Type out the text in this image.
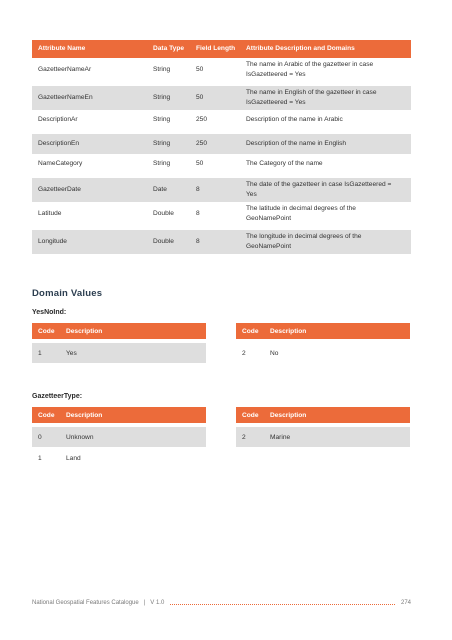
Attribute Name	Data Type	Field Length	Attribute Description and Domains
GazetteerNameAr	String	50	The name in Arabic of the gazetteer in case
IsGazetteered = Yes
GazetteerNameEn	String	50	The name in English of the gazetteer in case
IsGazetteered = Yes
DescriptionAr	String	250	Description of the name in Arabic
DescriptionEn	String	250	Description of the name in English
NameCategory	String	50	The Category of the name
GazetteerDate	Date	8	The date of the gazetteer in case IsGazetteered =
Yes
Latitude	Double	8	The latitude in decimal degrees of the
GeoNamePoint
Longitude	Double	8	The longitude in decimal degrees of the
GeoNamePoint
Domain Values
YesNoInd:
Code	Description
1	Yes
Code	Description
2	No
GazetteerType:
Code	Description
0	Unknown
1	Land
Code	Description
2	Marine
National Geospatial Features Catalogue | V 1.0	274
